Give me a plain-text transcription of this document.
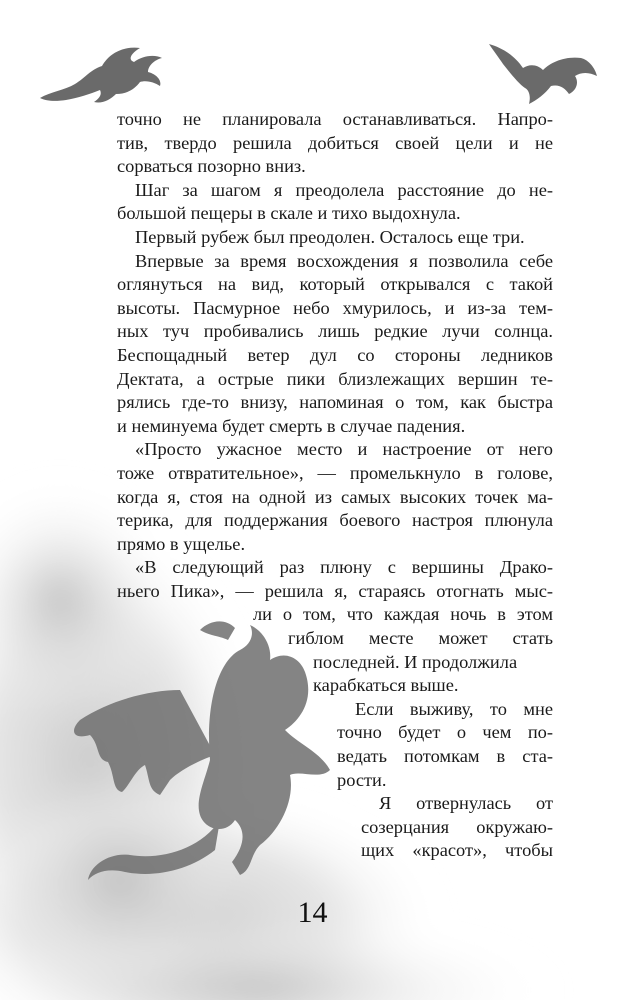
точно не планировала останавливаться. Напро-
тив, твердо решила добиться своей цели и не
сорваться позорно вниз.
Шаг за шагом я преодолела расстояние до не-
большой пещеры в скале и тихо выдохнула.
Первый рубеж был преодолен. Осталось еще три.
Впервые за время восхождения я позволила себе
оглянуться на вид, который открывался с такой
высоты. Пасмурное небо хмурилось, и из-за тем-
ных туч пробивались лишь редкие лучи солнца.
Беспощадный ветер дул со стороны ледников
Дектата, а острые пики близлежащих вершин те-
рялись где-то внизу, напоминая о том, как быстра
и неминуема будет смерть в случае падения.
«Просто ужасное место и настроение от него
тоже отвратительное», — промелькнуло в голове,
когда я, стоя на одной из самых высоких точек ма-
терика, для поддержания боевого настроя плюнула
прямо в ущелье.
«В следующий раз плюну с вершины Драко-
ньего Пика», — решила я, стараясь отогнать мыс-
ли о том, что каждая ночь в этом
гиблом месте может стать
последней. И продолжила
карабкаться выше.
Если выживу, то мне
точно будет о чем по-
ведать потомкам в ста-
рости.
Я отвернулась от
созерцания окружаю-
щих «красот», чтобы
14
